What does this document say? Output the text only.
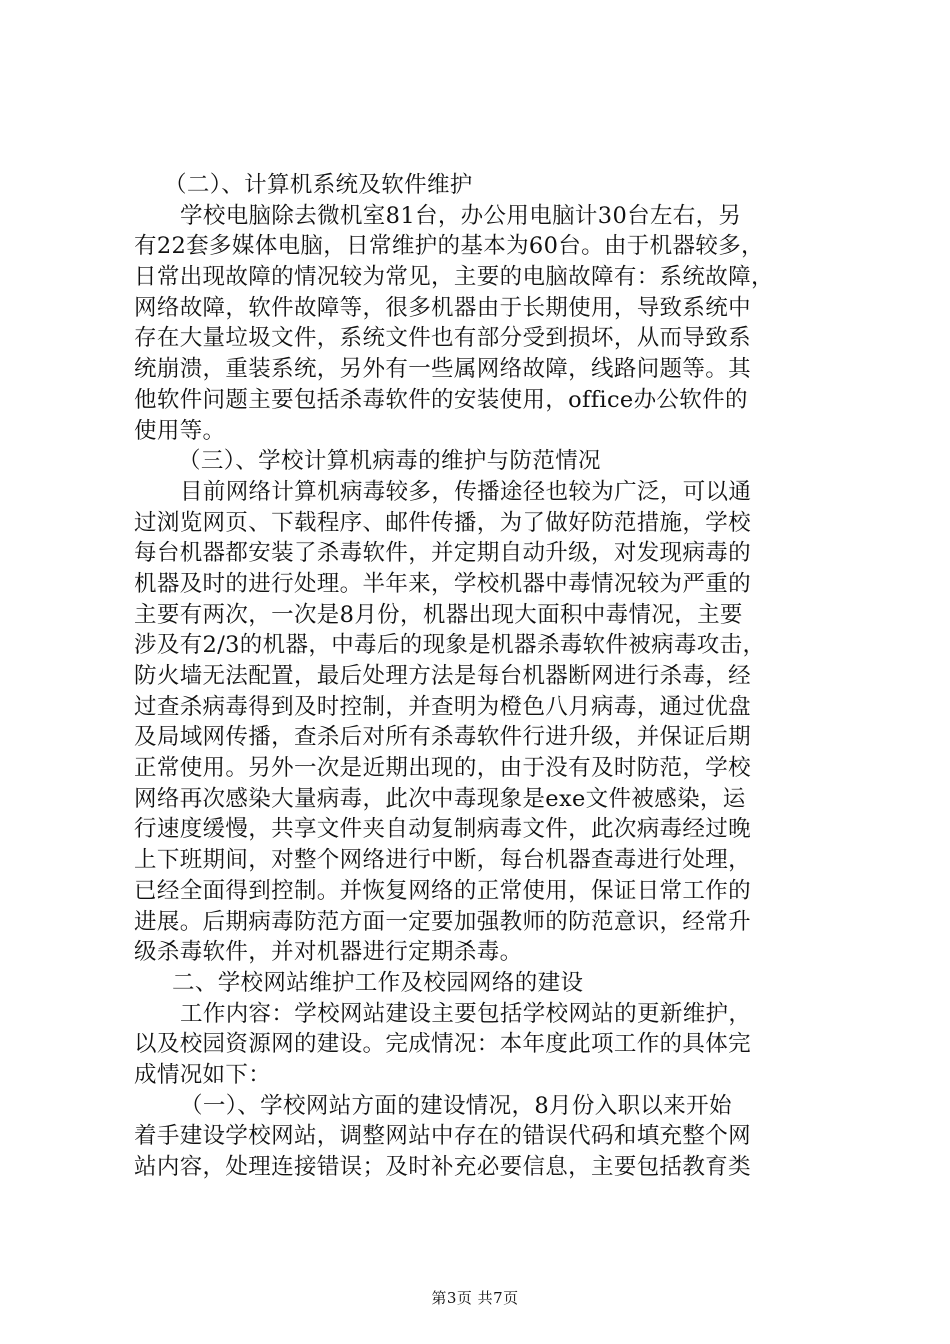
（二）、计算机系统及软件维护
学校电脑除去微机室81台，办公用电脑计30台左右，另
有22套多媒体电脑，日常维护的基本为60台。由于机器较多，
日常出现故障的情况较为常见，主要的电脑故障有：系统故障，
网络故障，软件故障等，很多机器由于长期使用，导致系统中
存在大量垃圾文件，系统文件也有部分受到损坏，从而导致系
统崩溃，重装系统，另外有一些属网络故障，线路问题等。其
他软件问题主要包括杀毒软件的安装使用，office办公软件的
使用等。
（三）、学校计算机病毒的维护与防范情况
目前网络计算机病毒较多，传播途径也较为广泛，可以通
过浏览网页、下载程序、邮件传播，为了做好防范措施，学校
每台机器都安装了杀毒软件，并定期自动升级，对发现病毒的
机器及时的进行处理。半年来，学校机器中毒情况较为严重的
主要有两次，一次是8月份，机器出现大面积中毒情况，主要
涉及有2/3的机器，中毒后的现象是机器杀毒软件被病毒攻击，
防火墙无法配置，最后处理方法是每台机器断网进行杀毒，经
过查杀病毒得到及时控制，并查明为橙色八月病毒，通过优盘
及局域网传播，查杀后对所有杀毒软件行进升级，并保证后期
正常使用。另外一次是近期出现的，由于没有及时防范，学校
网络再次感染大量病毒，此次中毒现象是exe文件被感染，运
行速度缓慢，共享文件夹自动复制病毒文件，此次病毒经过晚
上下班期间，对整个网络进行中断，每台机器查毒进行处理，
已经全面得到控制。并恢复网络的正常使用，保证日常工作的
进展。后期病毒防范方面一定要加强教师的防范意识，经常升
级杀毒软件，并对机器进行定期杀毒。
二、学校网站维护工作及校园网络的建设
工作内容：学校网站建设主要包括学校网站的更新维护，
以及校园资源网的建设。完成情况：本年度此项工作的具体完
成情况如下：
（一）、学校网站方面的建设情况，8月份入职以来开始
着手建设学校网站，调整网站中存在的错误代码和填充整个网
站内容，处理连接错误；及时补充必要信息，主要包括教育类
第3页 共7页
